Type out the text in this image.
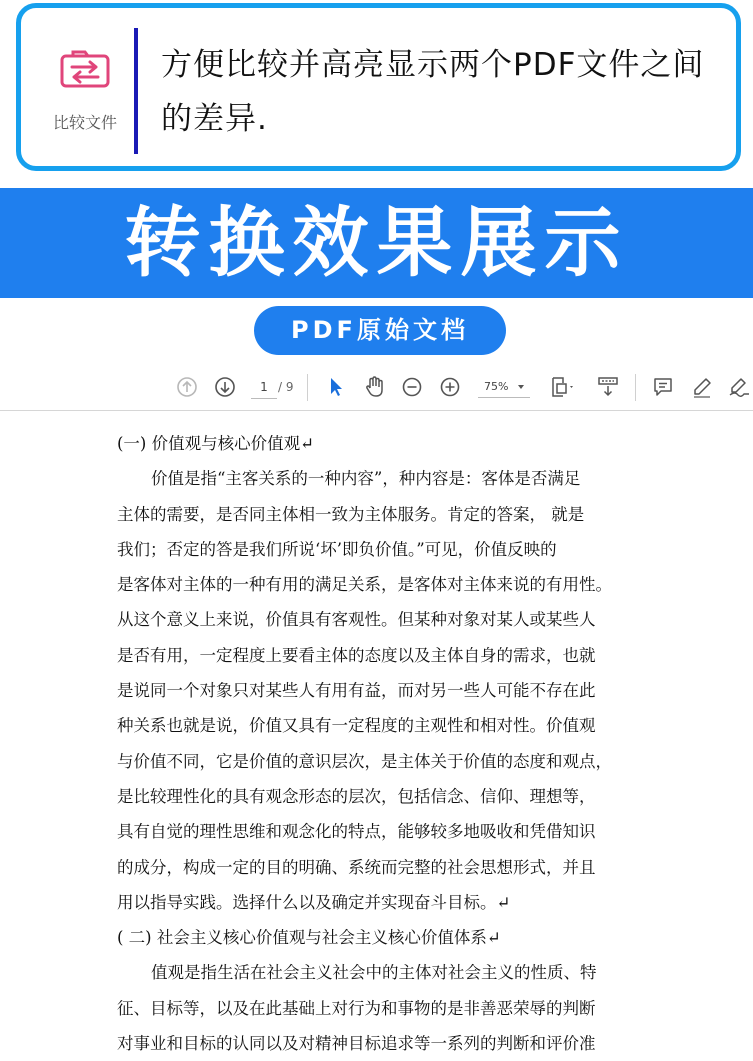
比较文件
方便比较并高亮显示两个PDF文件之间
的差异.
转换效果展示
PDF原始文档
1 / 9	75%

(一) 价值观与核心价值观↵

价值是指“主客关系的一种内容”，种内容是：客体是否满足

主体的需要，是否同主体相一致为主体服务。肯定的答案， 就是

我们；否定的答是我们所说‘坏’即负价值。”可见，价值反映的

是客体对主体的一种有用的满足关系，是客体对主体来说的有用性。

从这个意义上来说，价值具有客观性。但某种对象对某人或某些人

是否有用，一定程度上要看主体的态度以及主体自身的需求，也就

是说同一个对象只对某些人有用有益，而对另一些人可能不存在此

种关系也就是说，价值又具有一定程度的主观性和相对性。价值观

与价值不同，它是价值的意识层次，是主体关于价值的态度和观点，

是比较理性化的具有观念形态的层次，包括信念、信仰、理想等，

具有自觉的理性思维和观念化的特点，能够较多地吸收和凭借知识

的成分，构成一定的目的明确、系统而完整的社会思想形式，并且

用以指导实践。选择什么以及确定并实现奋斗目标。↵

( 二) 社会主义核心价值观与社会主义核心价值体系↵

值观是指生活在社会主义社会中的主体对社会主义的性质、特

征、目标等，以及在此基础上对行为和事物的是非善恶荣辱的判断

对事业和目标的认同以及对精神目标追求等一系列的判断和评价准
